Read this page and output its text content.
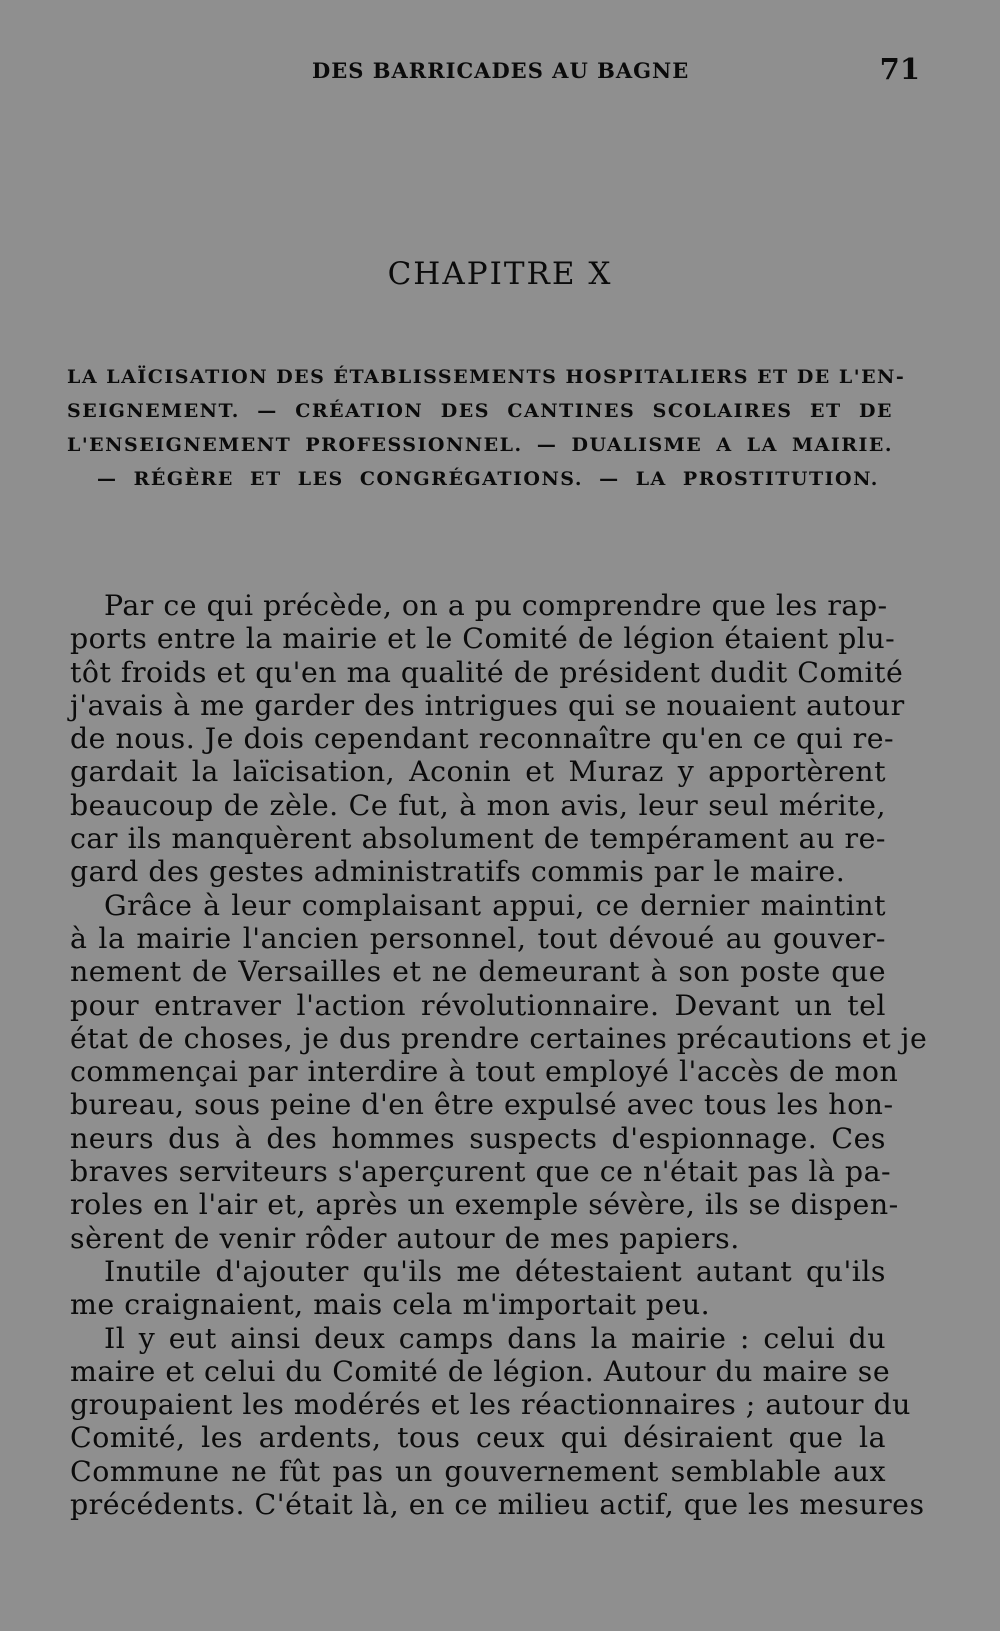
DES BARRICADES AU BAGNE	71
CHAPITRE X
LA LAÏCISATION DES ÉTABLISSEMENTS HOSPITALIERS ET DE L'EN-
SEIGNEMENT. — CRÉATION DES CANTINES SCOLAIRES ET DE
L'ENSEIGNEMENT PROFESSIONNEL. — DUALISME A LA MAIRIE.
— RÉGÈRE ET LES CONGRÉGATIONS. — LA PROSTITUTION.
Par ce qui précède, on a pu comprendre que les rap-
ports entre la mairie et le Comité de légion étaient plu-
tôt froids et qu'en ma qualité de président dudit Comité
j'avais à me garder des intrigues qui se nouaient autour
de nous. Je dois cependant reconnaître qu'en ce qui re-
gardait la laïcisation, Aconin et Muraz y apportèrent
beaucoup de zèle. Ce fut, à mon avis, leur seul mérite,
car ils manquèrent absolument de tempérament au re-
gard des gestes administratifs commis par le maire.
Grâce à leur complaisant appui, ce dernier maintint
à la mairie l'ancien personnel, tout dévoué au gouver-
nement de Versailles et ne demeurant à son poste que
pour entraver l'action révolutionnaire. Devant un tel
état de choses, je dus prendre certaines précautions et je
commençai par interdire à tout employé l'accès de mon
bureau, sous peine d'en être expulsé avec tous les hon-
neurs dus à des hommes suspects d'espionnage. Ces
braves serviteurs s'aperçurent que ce n'était pas là pa-
roles en l'air et, après un exemple sévère, ils se dispen-
sèrent de venir rôder autour de mes papiers.
Inutile d'ajouter qu'ils me détestaient autant qu'ils
me craignaient, mais cela m'importait peu.
Il y eut ainsi deux camps dans la mairie : celui du
maire et celui du Comité de légion. Autour du maire se
groupaient les modérés et les réactionnaires ; autour du
Comité, les ardents, tous ceux qui désiraient que la
Commune ne fût pas un gouvernement semblable aux
précédents. C'était là, en ce milieu actif, que les mesures
